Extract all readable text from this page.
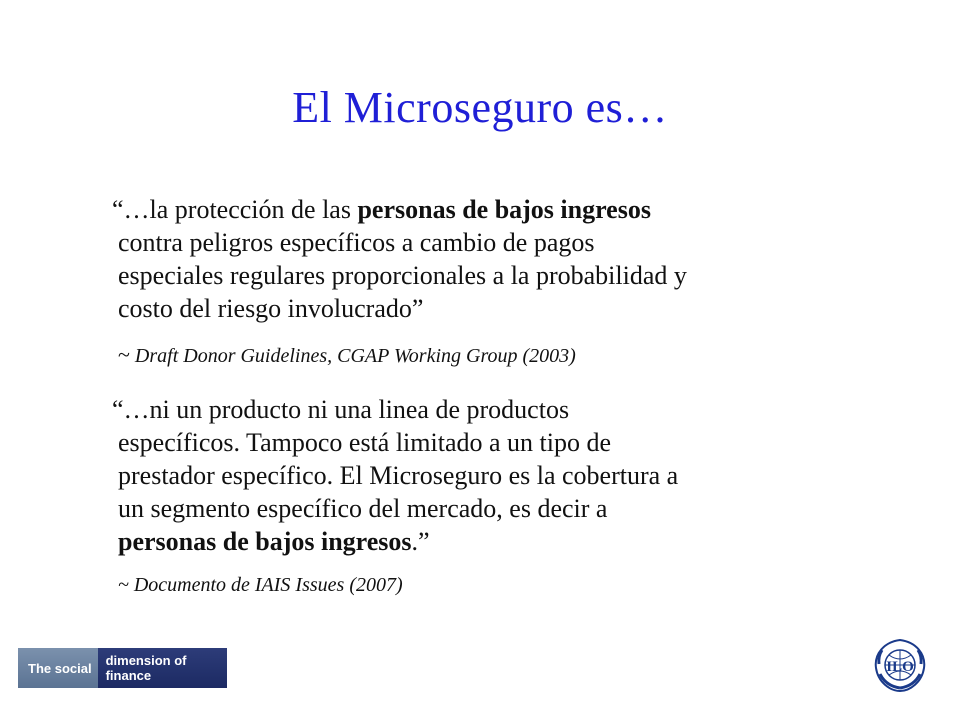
El Microseguro es…
“…la protección de las personas de bajos ingresos
contra peligros específicos a cambio de pagos
especiales regulares proporcionales a la probabilidad y
costo del riesgo involucrado”
~ Draft Donor Guidelines, CGAP Working Group (2003)
“…ni un producto ni una linea de productos
específicos. Tampoco está limitado a un tipo de
prestador específico. El Microseguro es la cobertura a
un segmento específico del mercado, es decir a
personas de bajos ingresos.”
~ Documento de IAIS Issues (2007)
The social	dimension of finance
ILO
